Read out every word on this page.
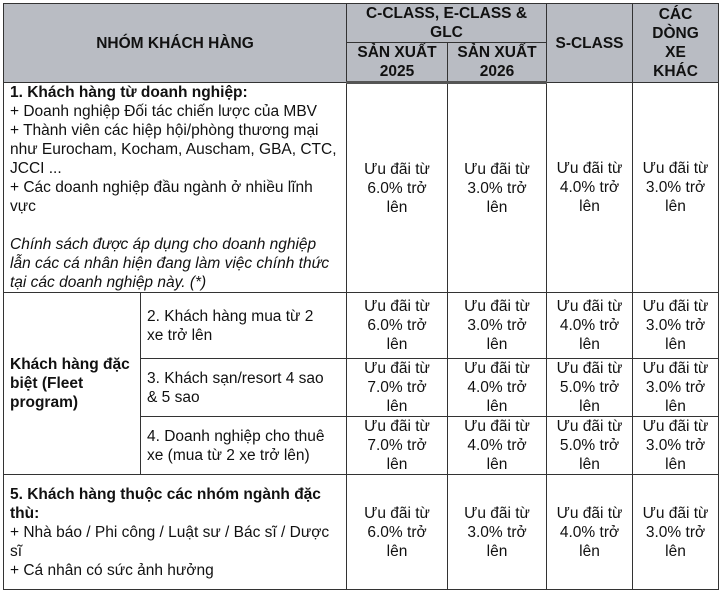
NHÓM KHÁCH HÀNG		C-CLASS, E-CLASS & GLC		S-CLASS	CÁC DÒNG XE KHÁC
		SẢN XUẤT 2025	SẢN XUẤT 2026		

1. Khách hàng từ doanh nghiệp:
+ Doanh nghiệp Đối tác chiến lược của MBV
+ Thành viên các hiệp hội/phòng thương mại như Eurocham, Kocham, Auscham, GBA, CTC, JCCI ...
+ Các doanh nghiệp đầu ngành ở nhiều lĩnh vực
Chính sách được áp dụng cho doanh nghiệp lẫn các cá nhân hiện đang làm việc chính thức tại các doanh nghiệp này. (*)		Ưu đãi từ 6.0% trở lên	Ưu đãi từ 3.0% trở lên	Ưu đãi từ 4.0% trở lên	Ưu đãi từ 3.0% trở lên
Khách hàng đặc biệt (Fleet program)	2. Khách hàng mua từ 2 xe trở lên	Ưu đãi từ 6.0% trở lên	Ưu đãi từ 3.0% trở lên	Ưu đãi từ 4.0% trở lên	Ưu đãi từ 3.0% trở lên
	3. Khách sạn/resort 4 sao & 5 sao	Ưu đãi từ 7.0% trở lên	Ưu đãi từ 4.0% trở lên	Ưu đãi từ 5.0% trở lên	Ưu đãi từ 3.0% trở lên
	4. Doanh nghiệp cho thuê xe (mua từ 2 xe trở lên)	Ưu đãi từ 7.0% trở lên	Ưu đãi từ 4.0% trở lên	Ưu đãi từ 5.0% trở lên	Ưu đãi từ 3.0% trở lên

5. Khách hàng thuộc các nhóm ngành đặc thù:
+ Nhà báo / Phi công / Luật sư / Bác sĩ / Dược sĩ
+ Cá nhân có sức ảnh hưởng		Ưu đãi từ 6.0% trở lên	Ưu đãi từ 3.0% trở lên	Ưu đãi từ 4.0% trở lên	Ưu đãi từ 3.0% trở lên
